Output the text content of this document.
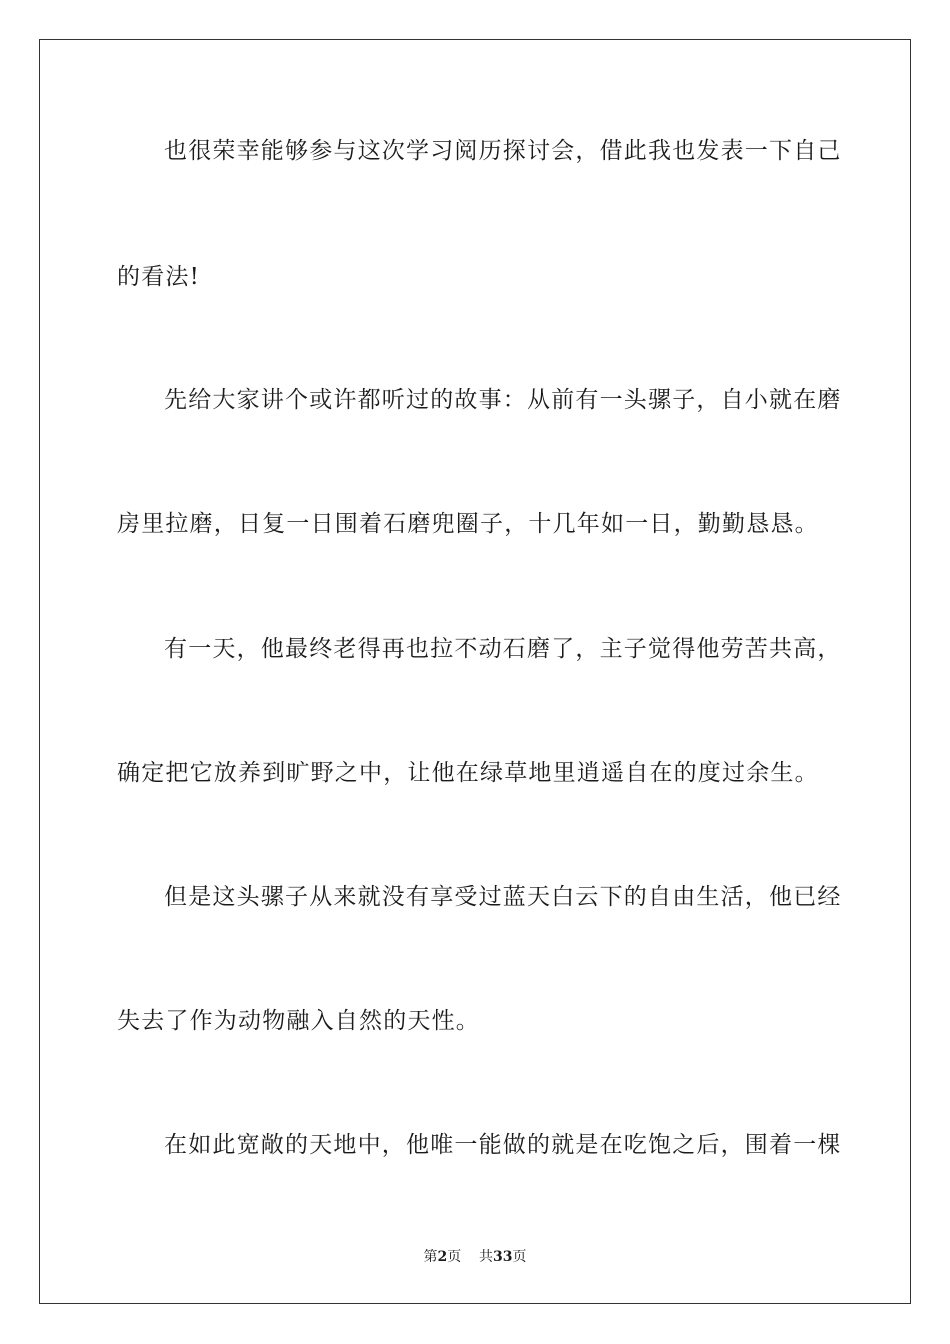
也很荣幸能够参与这次学习阅历探讨会，借此我也发表一下自己
的看法!
先给大家讲个或许都听过的故事：从前有一头骡子，自小就在磨
房里拉磨，日复一日围着石磨兜圈子，十几年如一日，勤勤恳恳。
有一天，他最终老得再也拉不动石磨了，主子觉得他劳苦共高，
确定把它放养到旷野之中，让他在绿草地里逍遥自在的度过余生。
但是这头骡子从来就没有享受过蓝天白云下的自由生活，他已经
失去了作为动物融入自然的天性。
在如此宽敞的天地中，他唯一能做的就是在吃饱之后，围着一棵
第2页 共33页
